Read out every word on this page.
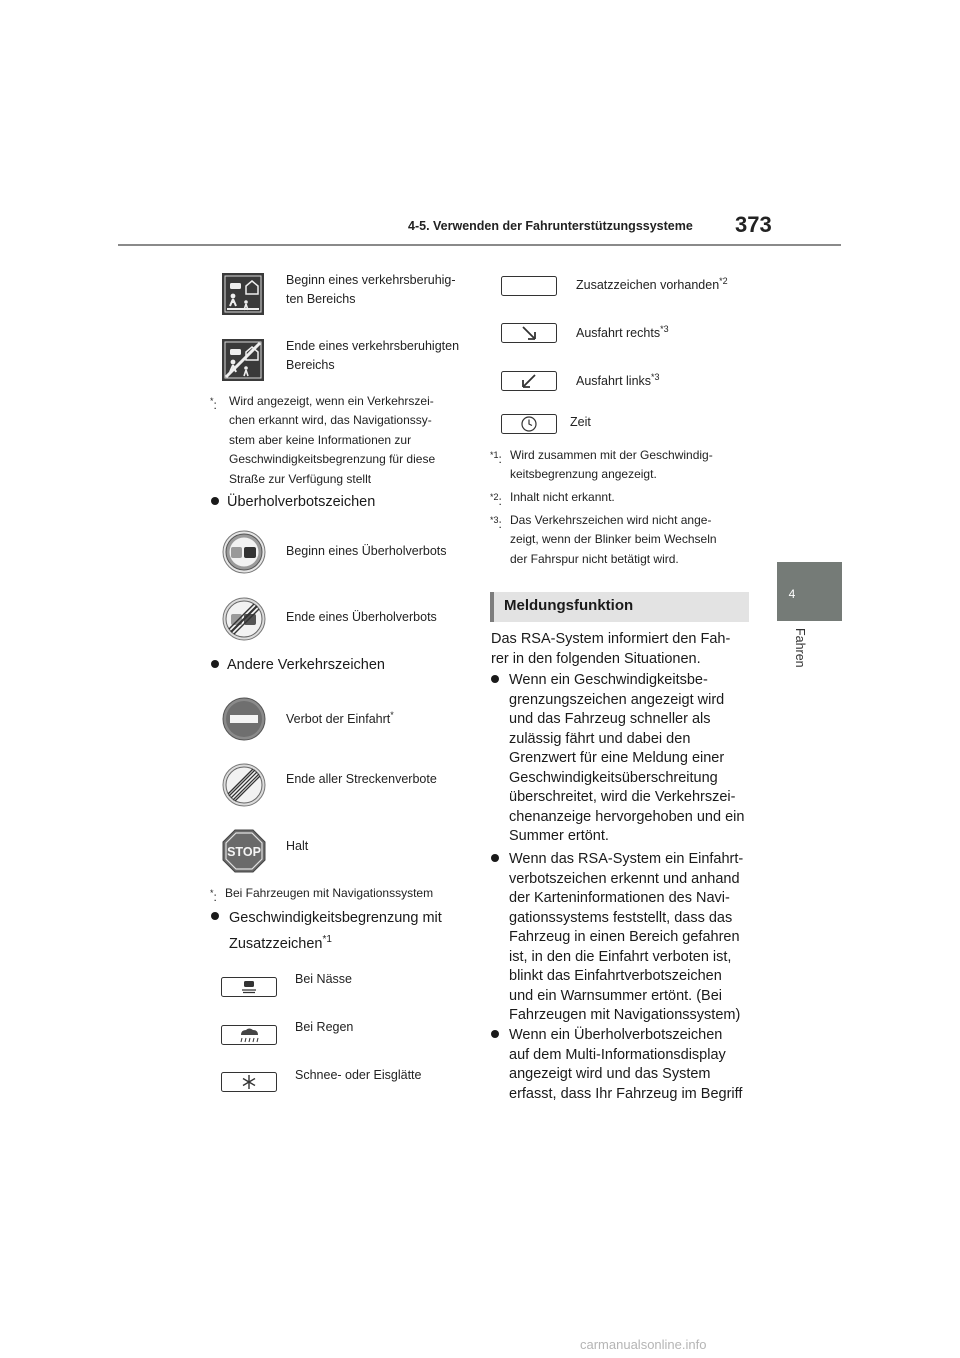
4-5. Verwenden der Fahrunterstützungssysteme 373
4
Fahren
Beginn eines verkehrsberuhig-
ten Bereichs
Ende eines verkehrsberuhigten
Bereichs
*: Wird angezeigt, wenn ein Verkehrszei-
chen erkannt wird, das Navigationssy-
stem aber keine Informationen zur
Geschwindigkeitsbegrenzung für diese
Straße zur Verfügung stellt
Überholverbotszeichen
Beginn eines Überholverbots
Ende eines Überholverbots
Andere Verkehrszeichen
Verbot der Einfahrt*
Ende aller Streckenverbote
STOP Halt
*: Bei Fahrzeugen mit Navigationssystem
Geschwindigkeitsbegrenzung mit
Zusatzzeichen$^{*1}$
Bei Nässe
Bei Regen
Schnee- oder Eisglätte
Zusatzzeichen vorhanden$^{*2}$
Ausfahrt rechts$^{*3}$
Ausfahrt links$^{*3}$
Zeit
$^{*1}$: Wird zusammen mit der Geschwindig-
keitsbegrenzung angezeigt.
$^{*2}$: Inhalt nicht erkannt.
$^{*3}$: Das Verkehrszeichen wird nicht ange-
zeigt, wenn der Blinker beim Wechseln
der Fahrspur nicht betätigt wird.
Meldungsfunktion
Das RSA-System informiert den Fah-
rer in den folgenden Situationen.
Wenn ein Geschwindigkeitsbe-
grenzungszeichen angezeigt wird
und das Fahrzeug schneller als
zulässig fährt und dabei den
Grenzwert für eine Meldung einer
Geschwindigkeitsüberschreitung
überschreitet, wird die Verkehrszei-
chenanzeige hervorgehoben und ein
Summer ertönt.
Wenn das RSA-System ein Einfahrt-
verbotszeichen erkennt und anhand
der Karteninformationen des Navi-
gationssystems feststellt, dass das
Fahrzeug in einen Bereich gefahren
ist, in den die Einfahrt verboten ist,
blinkt das Einfahrtverbotszeichen
und ein Warnsummer ertönt. (Bei
Fahrzeugen mit Navigationssystem)
Wenn ein Überholverbotszeichen
auf dem Multi-Informationsdisplay
angezeigt wird und das System
erfasst, dass Ihr Fahrzeug im Begriff
carmanualsonline.info
